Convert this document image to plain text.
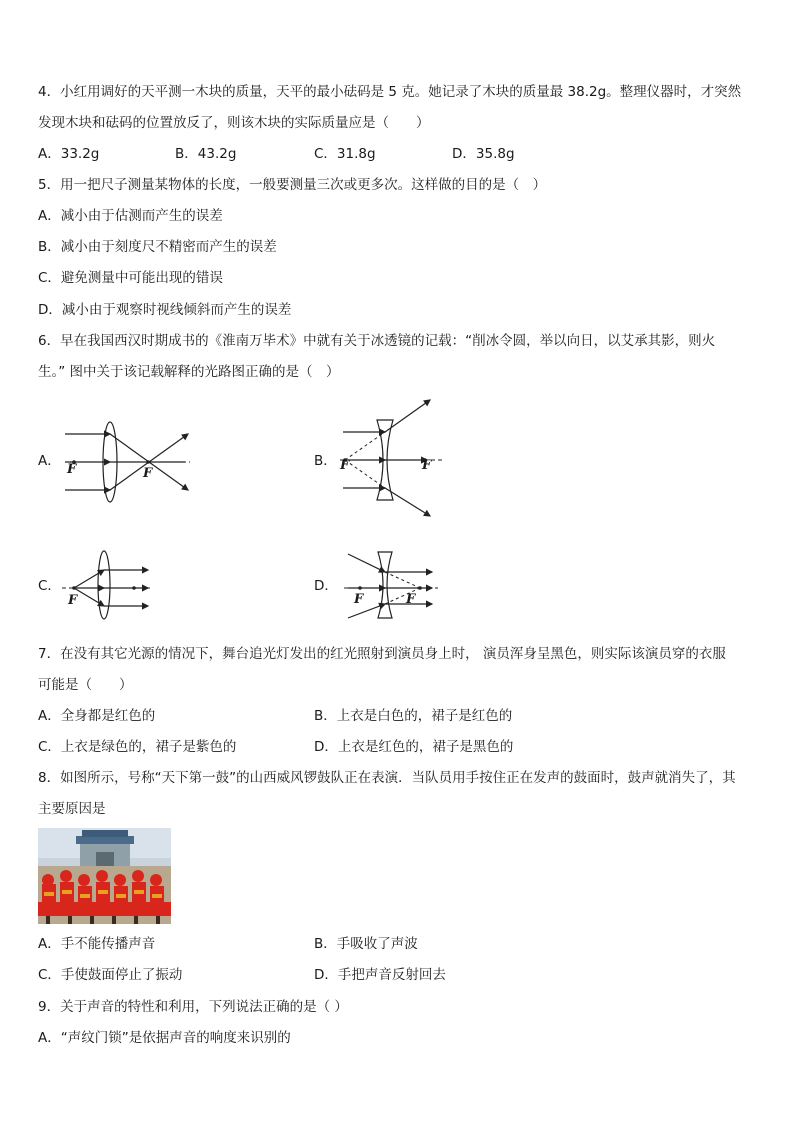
4．小红用调好的天平测一木块的质量，天平的最小砝码是 5 克。她记录了木块的质量最 38.2g。整理仪器时，才突然
发现木块和砝码的位置放反了，则该木块的实际质量应是（　　）
A．33.2g	B．43.2g	C．31.8g	D．35.8g
5．用一把尺子测量某物体的长度，一般要测量三次或更多次。这样做的目的是（　）
A．减小由于估测而产生的误差
B．减小由于刻度尺不精密而产生的误差
C．避免测量中可能出现的错误
D．减小由于观察时视线倾斜而产生的误差
6．早在我国西汉时期成书的《淮南万毕术》中就有关于冰透镜的记载：“削冰令圆，举以向日，以艾承其影，则火
生。” 图中关于该记载解释的光路图正确的是（　）
A．
F	F
B． F	F
C．
F
D．
F	F
7．在没有其它光源的情况下，舞台追光灯发出的红光照射到演员身上时， 演员浑身呈黑色，则实际该演员穿的衣服
可能是（　　）
A．全身都是红色的	B．上衣是白色的，裙子是红色的
C．上衣是绿色的，裙子是紫色的	D．上衣是红色的，裙子是黑色的
8．如图所示，号称“天下第一鼓”的山西威风锣鼓队正在表演．当队员用手按住正在发声的鼓面时，鼓声就消失了，其
主要原因是
A．手不能传播声音	B．手吸收了声波
C．手使鼓面停止了振动	D．手把声音反射回去
9．关于声音的特性和利用，下列说法正确的是（ ）
A．“声纹门锁”是依据声音的响度来识别的
